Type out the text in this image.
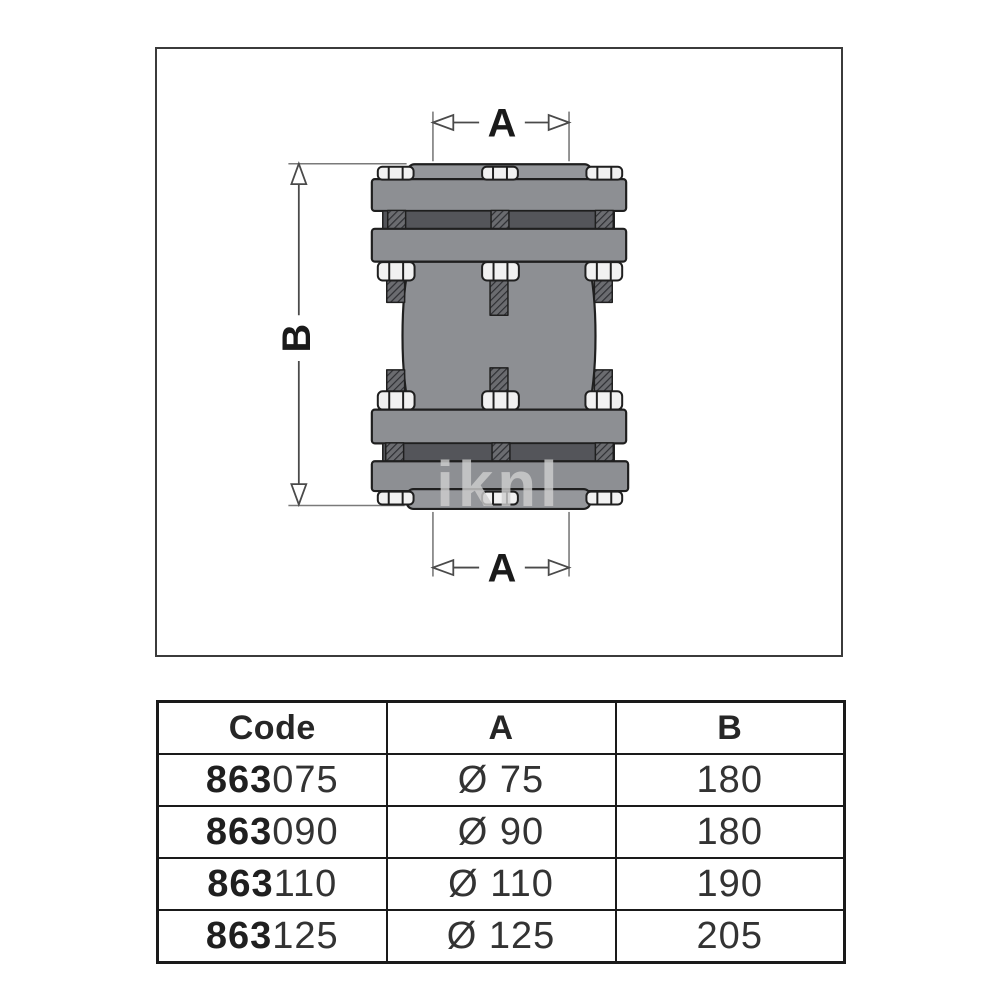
A
B
A
iknl
Code	A	B
863075	Ø 75	180
863090	Ø 90	180
863110	Ø 110	190
863125	Ø 125	205
